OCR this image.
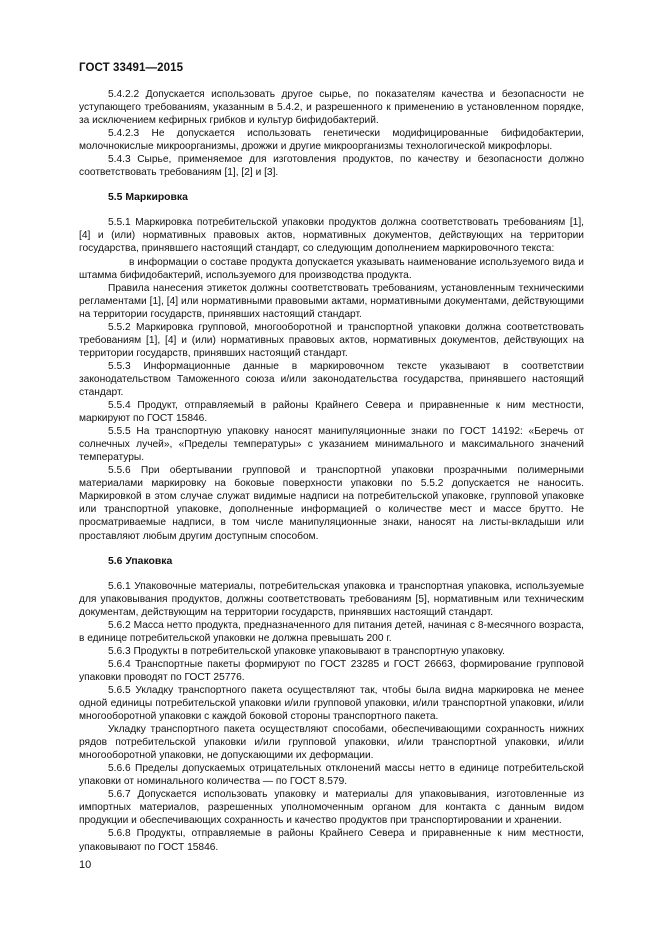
ГОСТ 33491—2015

5.4.2.2 Допускается использовать другое сырье, по показателям качества и безопасности не уступающего требованиям, указанным в 5.4.2, и разрешенного к применению в установленном порядке, за исключением кефирных грибков и культур бифидобактерий.

5.4.2.3 Не допускается использовать генетически модифицированные бифидобактерии, молочнокислые микроорганизмы, дрожжи и другие микроорганизмы технологической микрофлоры.

5.4.3 Сырье, применяемое для изготовления продуктов, по качеству и безопасности должно соответствовать требованиям [1], [2] и [3].

5.5 Маркировка

5.5.1 Маркировка потребительской упаковки продуктов должна соответствовать требованиям [1], [4] и (или) нормативных правовых актов, нормативных документов, действующих на территории государства, принявшего настоящий стандарт, со следующим дополнением маркировочного текста:

в информации о составе продукта допускается указывать наименование используемого вида и штамма бифидобактерий, используемого для производства продукта.

Правила нанесения этикеток должны соответствовать требованиям, установленным техническими регламентами [1], [4] или нормативными правовыми актами, нормативными документами, действующими на территории государств, принявших настоящий стандарт.

5.5.2 Маркировка групповой, многооборотной и транспортной упаковки должна соответствовать требованиям [1], [4] и (или) нормативных правовых актов, нормативных документов, действующих на территории государств, принявших настоящий стандарт.

5.5.3 Информационные данные в маркировочном тексте указывают в соответствии законодательством Таможенного союза и/или законодательства государства, принявшего настоящий стандарт.

5.5.4 Продукт, отправляемый в районы Крайнего Севера и приравненные к ним местности, маркируют по ГОСТ 15846.

5.5.5 На транспортную упаковку наносят манипуляционные знаки по ГОСТ 14192: «Беречь от солнечных лучей», «Пределы температуры» с указанием минимального и максимального значений температуры.

5.5.6 При обертывании групповой и транспортной упаковки прозрачными полимерными материалами маркировку на боковые поверхности упаковки по 5.5.2 допускается не наносить. Маркировкой в этом случае служат видимые надписи на потребительской упаковке, групповой упаковке или транспортной упаковке, дополненные информацией о количестве мест и массе брутто. Не просматриваемые надписи, в том числе манипуляционные знаки, наносят на листы-вкладыши или проставляют любым другим доступным способом.

5.6 Упаковка

5.6.1 Упаковочные материалы, потребительская упаковка и транспортная упаковка, используемые для упаковывания продуктов, должны соответствовать требованиям [5], нормативным или техническим документам, действующим на территории государств, принявших настоящий стандарт.

5.6.2 Масса нетто продукта, предназначенного для питания детей, начиная с 8-месячного возраста, в единице потребительской упаковки не должна превышать 200 г.

5.6.3 Продукты в потребительской упаковке упаковывают в транспортную упаковку.

5.6.4 Транспортные пакеты формируют по ГОСТ 23285 и ГОСТ 26663, формирование групповой упаковки проводят по ГОСТ 25776.

5.6.5 Укладку транспортного пакета осуществляют так, чтобы была видна маркировка не менее одной единицы потребительской упаковки и/или групповой упаковки, и/или транспортной упаковки, и/или многооборотной упаковки с каждой боковой стороны транспортного пакета.

Укладку транспортного пакета осуществляют способами, обеспечивающими сохранность нижних рядов потребительской упаковки и/или групповой упаковки, и/или транспортной упаковки, и/или многооборотной упаковки, не допускающими их деформации.

5.6.6 Пределы допускаемых отрицательных отклонений массы нетто в единице потребительской упаковки от номинального количества — по ГОСТ 8.579.

5.6.7 Допускается использовать упаковку и материалы для упаковывания, изготовленные из импортных материалов, разрешенных уполномоченным органом для контакта с данным видом продукции и обеспечивающих сохранность и качество продуктов при транспортировании и хранении.

5.6.8 Продукты, отправляемые в районы Крайнего Севера и приравненные к ним местности, упаковывают по ГОСТ 15846.

10
